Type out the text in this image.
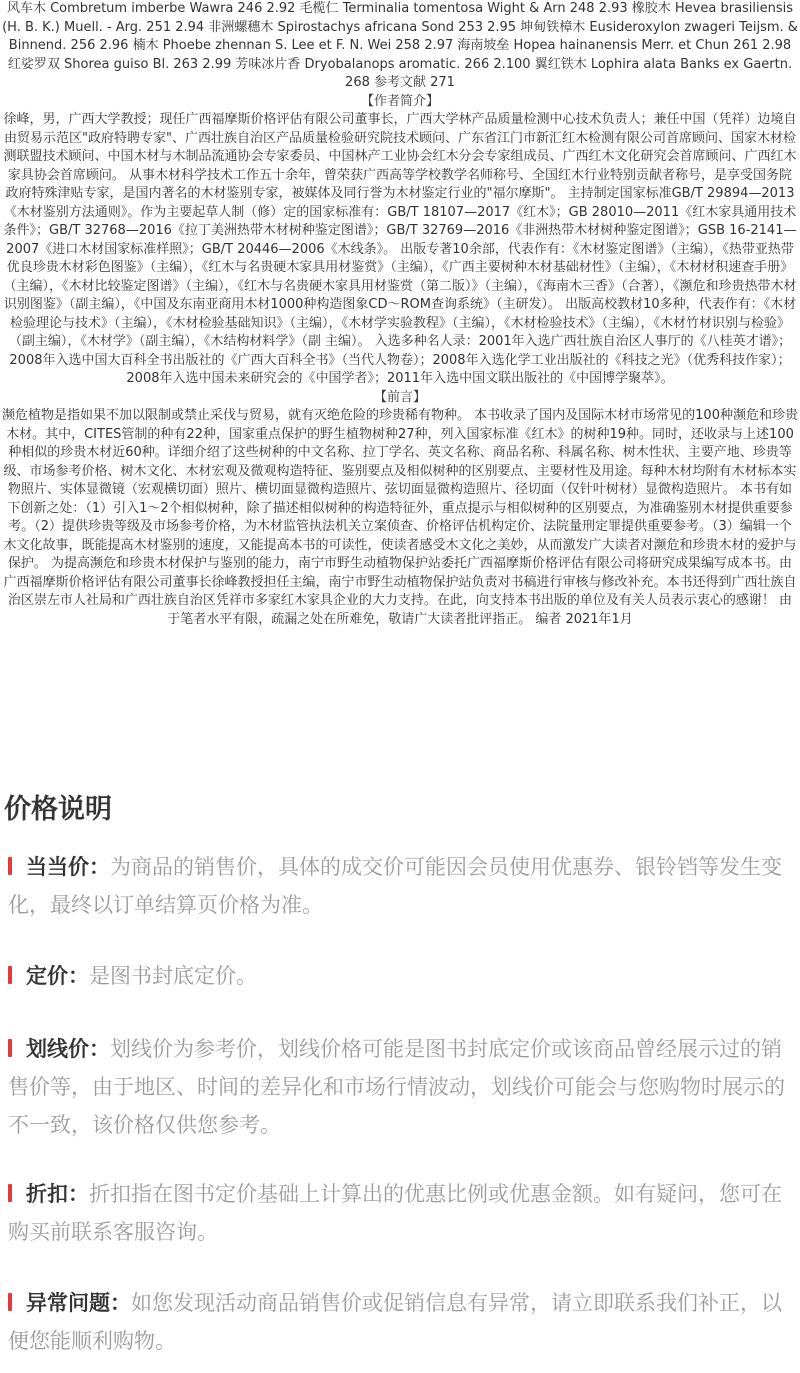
风车木 Combretum imberbe Wawra 246 2.92 毛榄仁 Terminalia tomentosa Wight & Arn 248 2.93 橡胶木 Hevea brasiliensis (H. B. K.) Muell. - Arg. 251 2.94 非洲螺穗木 Spirostachys africana Sond 253 2.95 坤甸铁樟木 Eusideroxylon zwageri Teijsm. & Binnend. 256 2.96 楠木 Phoebe zhennan S. Lee et F. N. Wei 258 2.97 海南坡垒 Hopea hainanensis Merr. et Chun 261 2.98 红娑罗双 Shorea guiso Bl. 263 2.99 芳味冰片香 Dryobalanops aromatic. 266 2.100 翼红铁木 Lophira alata Banks ex Gaertn. 268 参考文献 271

【作者简介】

徐峰，男，广西大学教授；现任广西福摩斯价格评估有限公司董事长，广西大学林产品质量检测中心技术负责人；兼任中国（凭祥）边境自由贸易示范区"政府特聘专家"、广西壮族自治区产品质量检验研究院技术顾问、广东省江门市新汇红木检测有限公司首席顾问、国家木材检测联盟技术顾问、中国木材与木制品流通协会专家委员、中国林产工业协会红木分会专家组成员、广西红木文化研究会首席顾问、广西红木家具协会首席顾问。 从事木材科学技术工作五十余年，曾荣获广西高等学校教学名师称号、全国红木行业特别贡献者称号，是享受国务院政府特殊津贴专家，是国内著名的木材鉴别专家，被媒体及同行誉为木材鉴定行业的"福尔摩斯"。 主持制定国家标准GB/T 29894—2013《木材鉴别方法通则》。作为主要起草人制（修）定的国家标准有：GB/T 18107—2017《红木》；GB 28010—2011《红木家具通用技术条件》；GB/T 32768—2016《拉丁美洲热带木材树种鉴定图谱》；GB/T 32769—2016《非洲热带木材树种鉴定图谱》；GSB 16-2141—2007《进口木材国家标准样照》；GB/T 20446—2006《木线条》。 出版专著10余部，代表作有：《木材鉴定图谱》（主编），《热带亚热带优良珍贵木材彩色图鉴》（主编），《红木与名贵硬木家具用材鉴赏》（主编），《广西主要树种木材基础材性》（主编），《木材材积速查手册》（主编），《木材比较鉴定图谱》（主编），《红木与名贵硬木家具用材鉴赏（第二版）》（主编），《海南木三香》（合著），《濒危和珍贵热带木材识别图鉴》（副主编），《中国及东南亚商用木材1000种构造图象CD～ROM查询系统》（主研发）。 出版高校教材10多种，代表作有：《木材检验理论与技术》（主编），《木材检验基础知识》（主编），《木材学实验教程》（主编），《木材检验技术》（主编），《木材竹材识别与检验》（副主编），《木材学》（副主编），《木结构材料学》（副 主编）。 入选多种名人录：2001年入选广西壮族自治区人事厅的《八桂英才谱》；2008年入选中国大百科全书出版社的《广西大百科全书》（当代人物卷）；2008年入选化学工业出版社的《科技之光》（优秀科技作家）；2008年入选中国未来研究会的《中国学者》；2011年入选中国文联出版社的《中国博学聚萃》。

【前言】

濒危植物是指如果不加以限制或禁止采伐与贸易，就有灭绝危险的珍贵稀有物种。 本书收录了国内及国际木材市场常见的100种濒危和珍贵木材。其中，CITES管制的种有22种，国家重点保护的野生植物树种27种，列入国家标准《红木》的树种19种。同时，还收录与上述100种相似的珍贵木材近60种。详细介绍了这些树种的中文名称、拉丁学名、英文名称、商品名称、科属名称、树木性状、主要产地、珍贵等级、市场参考价格、树木文化、木材宏观及微观构造特征、鉴别要点及相似树种的区别要点、主要材性及用途。每种木材均附有木材标本实物照片、实体显微镜（宏观横切面）照片、横切面显微构造照片、弦切面显微构造照片、径切面（仅针叶树材）显微构造照片。 本书有如下创新之处：（1）引入1～2个相似树种，除了描述相似树种的构造特征外，重点提示与相似树种的区别要点，为准确鉴别木材提供重要参考。（2）提供珍贵等级及市场参考价格，为木材监管执法机关立案侦查、价格评估机构定价、法院量刑定罪提供重要参考。（3）编辑一个木文化故事，既能提高木材鉴别的速度，又能提高本书的可读性，使读者感受木文化之美妙，从而激发广大读者对濒危和珍贵木材的爱护与保护。 为提高濒危和珍贵木材保护与鉴别的能力，南宁市野生动植物保护站委托广西福摩斯价格评估有限公司将研究成果编写成本书。由广西福摩斯价格评估有限公司董事长徐峰教授担任主编，南宁市野生动植物保护站负责对书稿进行审核与修改补充。本书还得到广西壮族自治区崇左市人社局和广西壮族自治区凭祥市多家红木家具企业的大力支持。在此，向支持本书出版的单位及有关人员表示衷心的感谢！ 由于笔者水平有限，疏漏之处在所难免，敬请广大读者批评指正。 编者 2021年1月

价格说明
当当价：为商品的销售价，具体的成交价可能因会员使用优惠券、银铃铛等发生变化，最终以订单结算页价格为准。
定价：是图书封底定价。
划线价：划线价为参考价，划线价格可能是图书封底定价或该商品曾经展示过的销售价等，由于地区、时间的差异化和市场行情波动，划线价可能会与您购物时展示的不一致，该价格仅供您参考。
折扣：折扣指在图书定价基础上计算出的优惠比例或优惠金额。如有疑问，您可在购买前联系客服咨询。
异常问题：如您发现活动商品销售价或促销信息有异常，请立即联系我们补正，以便您能顺利购物。
